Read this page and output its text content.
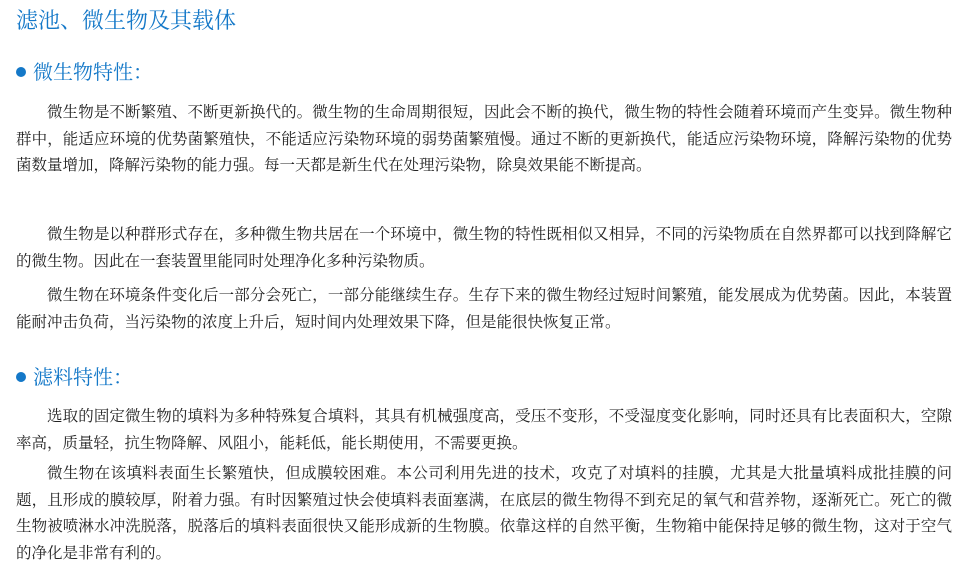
滤池、微生物及其载体
微生物特性：

微生物是不断繁殖、不断更新换代的。微生物的生命周期很短，因此会不断的换代，微生物的特性会随着环境而产生变异。微生物种群中，能适应环境的优势菌繁殖快，不能适应污染物环境的弱势菌繁殖慢。通过不断的更新换代，能适应污染物环境，降解污染物的优势菌数量增加，降解污染物的能力强。每一天都是新生代在处理污染物，除臭效果能不断提高。

微生物是以种群形式存在，多种微生物共居在一个环境中，微生物的特性既相似又相异，不同的污染物质在自然界都可以找到降解它的微生物。因此在一套装置里能同时处理净化多种污染物质。

微生物在环境条件变化后一部分会死亡，一部分能继续生存。生存下来的微生物经过短时间繁殖，能发展成为优势菌。因此，本装置能耐冲击负荷，当污染物的浓度上升后，短时间内处理效果下降，但是能很快恢复正常。

滤料特性：

选取的固定微生物的填料为多种特殊复合填料，其具有机械强度高，受压不变形，不受湿度变化影响，同时还具有比表面积大，空隙率高，质量轻，抗生物降解、风阻小，能耗低，能长期使用，不需要更换。

微生物在该填料表面生长繁殖快，但成膜较困难。本公司利用先进的技术，攻克了对填料的挂膜，尤其是大批量填料成批挂膜的问题，且形成的膜较厚，附着力强。有时因繁殖过快会使填料表面塞满，在底层的微生物得不到充足的氧气和营养物，逐渐死亡。死亡的微生物被喷淋水冲洗脱落，脱落后的填料表面很快又能形成新的生物膜。依靠这样的自然平衡，生物箱中能保持足够的微生物，这对于空气的净化是非常有利的。
